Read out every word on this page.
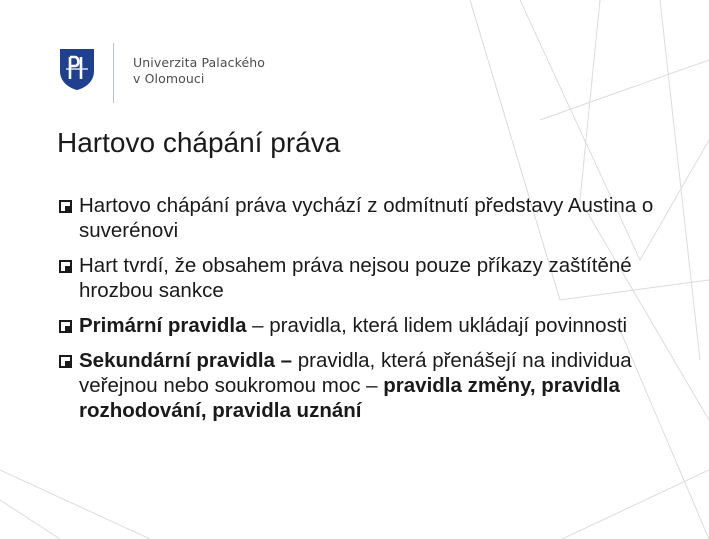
Univerzita Palackého
v Olomouci
Hartovo chápání práva
Hartovo chápání práva vychází z odmítnutí představy Austina o suverénovi
Hart tvrdí, že obsahem práva nejsou pouze příkazy zaštítěné hrozbou sankce
Primární pravidla – pravidla, která lidem ukládají povinnosti
Sekundární pravidla – pravidla, která přenášejí na individua veřejnou nebo soukromou moc – pravidla změny, pravidla rozhodování, pravidla uznání
